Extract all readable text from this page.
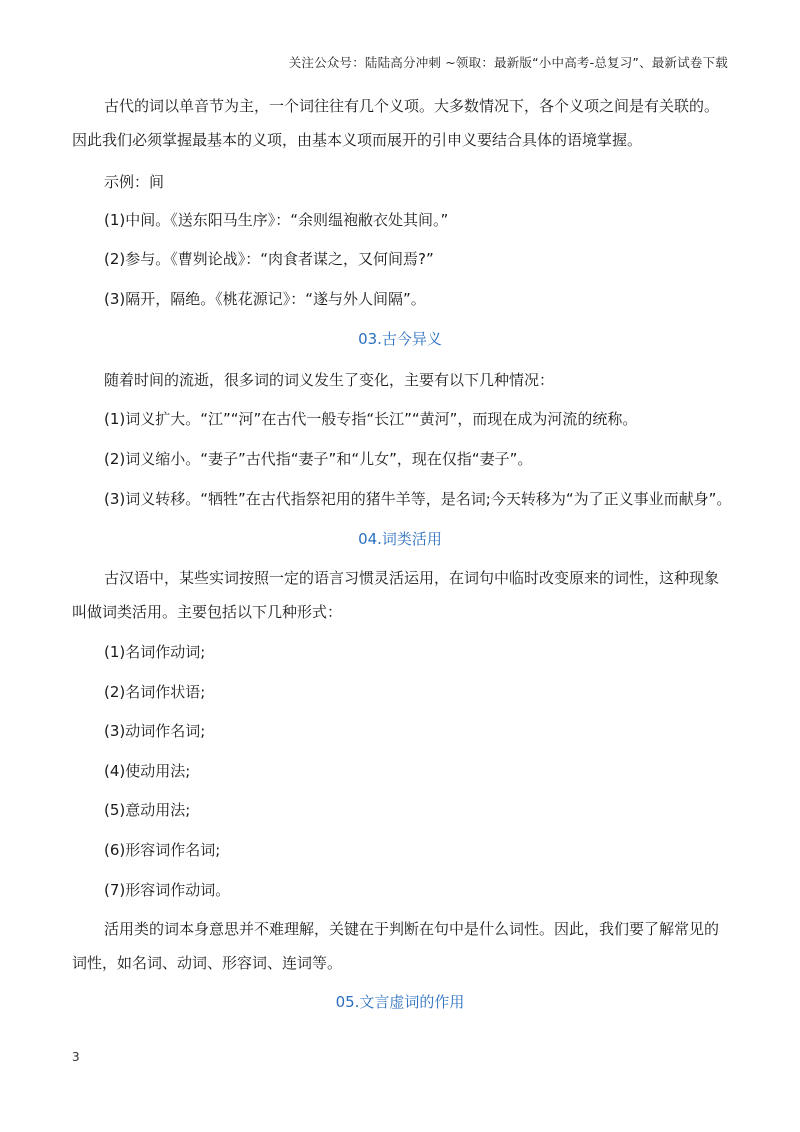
关注公众号：陆陆高分冲刺 ~领取：最新版“小中高考-总复习”、最新试卷下载
古代的词以单音节为主，一个词往往有几个义项。大多数情况下，各个义项之间是有关联的。因此我们必须掌握最基本的义项，由基本义项而展开的引申义要结合具体的语境掌握。
示例：间
(1)中间。《送东阳马生序》：“余则缊袍敝衣处其间。”
(2)参与。《曹刿论战》：“肉食者谋之，又何间焉?”
(3)隔开，隔绝。《桃花源记》：“遂与外人间隔”。
03.古今异义
随着时间的流逝，很多词的词义发生了变化，主要有以下几种情况：
(1)词义扩大。“江”“河”在古代一般专指“长江”“黄河”，而现在成为河流的统称。
(2)词义缩小。“妻子”古代指“妻子”和“儿女”，现在仅指“妻子”。
(3)词义转移。“牺牲”在古代指祭祀用的猪牛羊等，是名词;今天转移为“为了正义事业而献身”。
04.词类活用
古汉语中，某些实词按照一定的语言习惯灵活运用，在词句中临时改变原来的词性，这种现象叫做词类活用。主要包括以下几种形式：
(1)名词作动词;
(2)名词作状语;
(3)动词作名词;
(4)使动用法;
(5)意动用法;
(6)形容词作名词;
(7)形容词作动词。
活用类的词本身意思并不难理解，关键在于判断在句中是什么词性。因此，我们要了解常见的词性，如名词、动词、形容词、连词等。
05.文言虚词的作用
3
